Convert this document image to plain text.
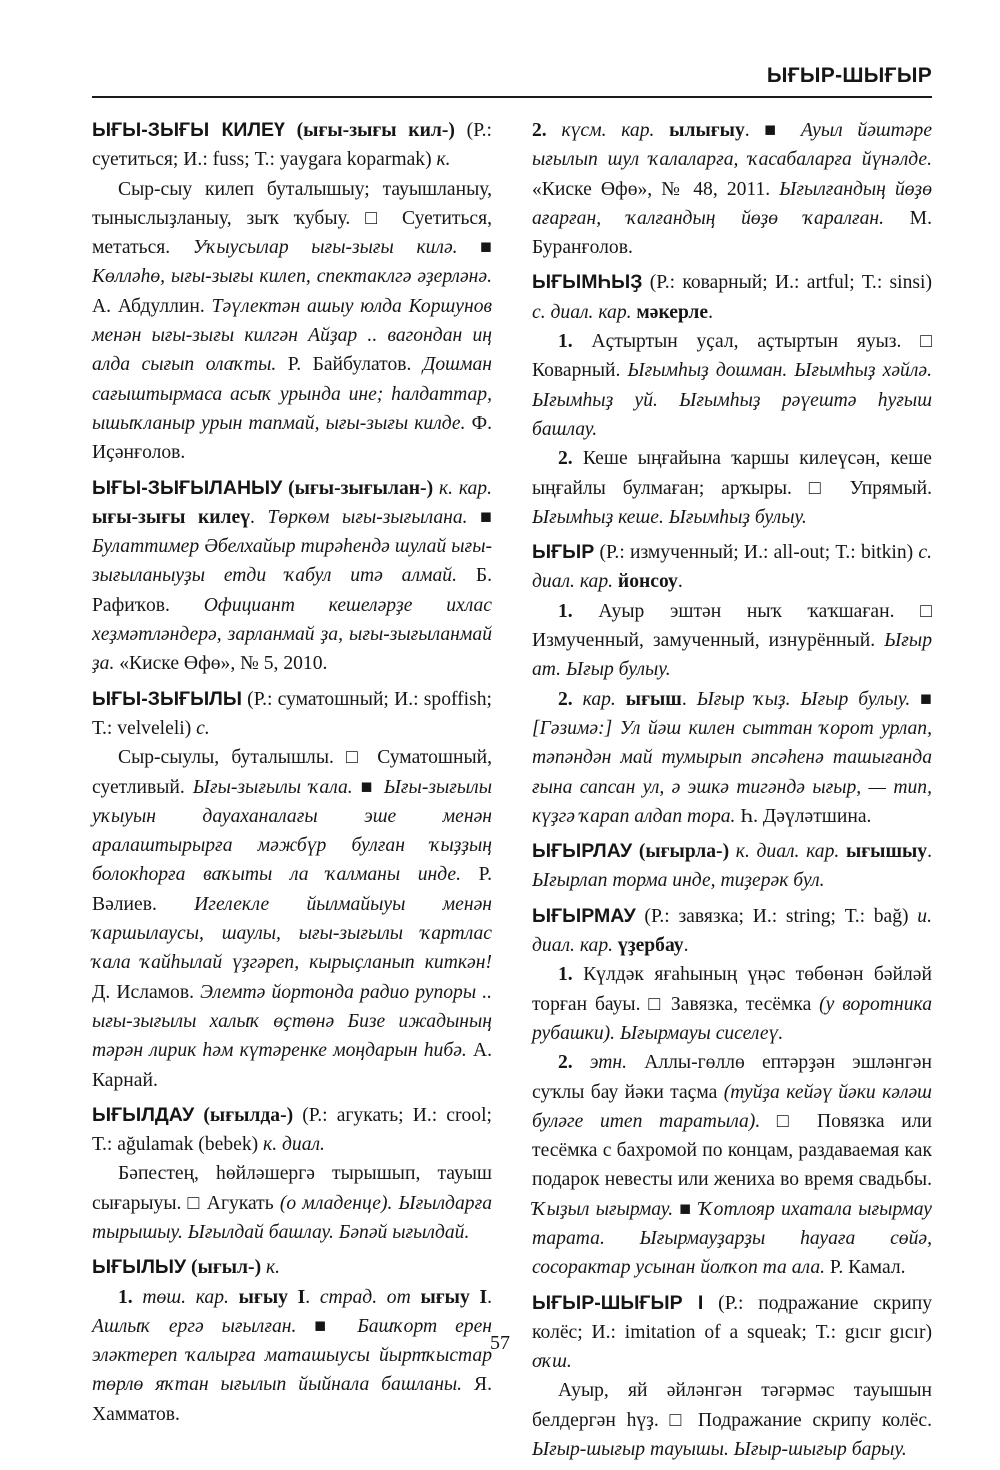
ЫҒЫР-ШЫҒЫР

ЫҒЫ-ЗЫҒЫ КИЛЕҮ (ығы-зығы кил-) (Р.: суетиться; И.: fuss; Т.: yaygara koparmak) к.

Сыр-сыу килеп буталышыу; тауышланыу, тыныслыҙланыу, зыҡ ҡубыу. □ Суетиться, метаться. Уҡыусылар ығы-зығы килә. ■ Көлләһө, ығы-зығы килеп, спектаклгә әҙерләнә. А. Абдуллин. Тәүлектән ашыу юлда Коршунов менән ығы-зығы килгән Айҙар .. вагондан иң алда сығып олаҡты. Р. Байбулатов. Дошман сағыштырмаса асыҡ урында ине; һалдаттар, ышыҡланыр урын тапмай, ығы-зығы килде. Ф. Иҫәнғолов.

ЫҒЫ-ЗЫҒЫЛАНЫУ (ығы-зығылан-) к. кар. ығы-зығы килеү. Төркөм ығы-зығылана. ■ Булаттимер Әбелхайыр тирәһендә шулай ығы-зығыланыуҙы етди ҡабул итә алмай. Б. Рафиҡов. Официант кешеләрҙе ихлас хеҙмәтләндерә, зарланмай ҙа, ығы-зығыланмай ҙа. «Киске Өфө», № 5, 2010.

ЫҒЫ-ЗЫҒЫЛЫ (Р.: суматошный; И.: spoffish; Т.: velveleli) с.

Сыр-сыулы, буталышлы. □ Суматошный, суетливый. Ығы-зығылы ҡала. ■ Ығы-зығылы уҡыуын дауаханалағы эше менән аралаштырырға мәжбүр булған ҡыҙҙың болокһорға ваҡыты ла ҡалманы инде. Р. Вәлиев. Игелекле йылмайыуы менән ҡаршылаусы, шаулы, ығы-зығылы ҡартлас ҡала ҡайһылай үҙгәреп, кырыҫланып киткән! Д. Исламов. Элемтә йортонда радио рупоры .. ығы-зығылы халыҡ өҫтөнә Бизе ижадының тәрән лирик һәм күтәренке моңдарын һибә. А. Карнай.

ЫҒЫЛДАУ (ығылда-) (Р.: агукать; И.: croоl; Т.: ağulamak (bebek) к. диал.

Бәпестең, һөйләшергә тырышып, тауыш сығарыуы. □ Агукать (о младенце). Ығылдарға тырышыу. Ығылдай башлау. Бәпәй ығылдай.

ЫҒЫЛЫУ (ығыл-) к.

1. төш. кар. ығыу I. страд. от ығыу I. Ашлыҡ ергә ығылған. ■ Башҡорт ерен эләктереп ҡалырға маташыусы йыртҡыстар төрлө яҡтан ығылып йыйнала башланы. Я. Хамматов.

2. күсм. кар. ылығыу. ■ Ауыл йәштәре ығылып шул ҡалаларға, ҡасабаларға йүнәлде. «Киске Өфө», № 48, 2011. Ығылғандың йөҙө ағарған, ҡалғандың йөҙө ҡаралған. М. Буранғолов.

ЫҒЫМҺЫҘ (Р.: коварный; И.: artful; Т.: sinsi) с. диал. кар. мәкерле.

1. Аҫтыртын уҫал, аҫтыртын яуыз. □ Коварный. Ығымһыҙ дошман. Ығымһыҙ хәйлә. Ығымһыҙ уй. Ығымһыҙ рәүештә һуғыш башлау.

2. Кеше ыңғайына ҡаршы килеүсән, кеше ыңғайлы булмаған; арҡыры. □ Упрямый. Ығымһыҙ кеше. Ығымһыҙ булыу.

ЫҒЫР (Р.: измученный; И.: all-out; Т.: bitkin) с. диал. кар. йонсоу.

1. Ауыр эштән ныҡ ҡаҡшаған. □ Измученный, замученный, изнурённый. Ығыр ат. Ығыр булыу.

2. кар. ығыш. Ығыр ҡыҙ. Ығыр булыу. ■ [Гәзимә:] Ул йәш килен сыттан ҡорот урлап, тәпәндән май тумырып әпсәһенә ташығанда ғына сапсан ул, ә эшкә тигәндә ығыр, — тип, күҙгә ҡарап алдап тора. Һ. Дәүләтшина.

ЫҒЫРЛАУ (ығырла-) к. диал. кар. ығышыу. Ығырлап торма инде, тиҙерәк бул.

ЫҒЫРМАУ (Р.: завязка; И.: string; Т.: bağ) и. диал. кар. үҙербау.

1. Күлдәк яғаһының үңәс төбөнән бәйләй торған бауы. □ Завязка, тесёмка (у воротника рубашки). Ығырмауы сиселеү.

2. этн. Аллы-гөллө ептәрҙән эшләнгән суҡлы бау йәки таҫма (туйҙа кейәү йәки кәләш буләге итеп таратыла). □ Повязка или тесёмка с бахромой по концам, раздаваемая как подарок невесты или жениха во время свадьбы. Ҡыҙыл ығырмау. ■ Ҡотлояр ихатала ығырмау тарата. Ығырмауҙарҙы һауаға сөйә, сосорактар усынан йолҡоп та ала. Р. Камал.

ЫҒЫР-ШЫҒЫР I (Р.: подражание скрипу колёс; И.: imitation of a squeak; Т.: gıcır gıcır) оҡш.

Ауыр, яй әйләнгән тәгәрмәс тауышын белдергән һүҙ. □ Подражание скрипу колёс. Ығыр-шығыр тауышы. Ығыр-шығыр барыу.

57
